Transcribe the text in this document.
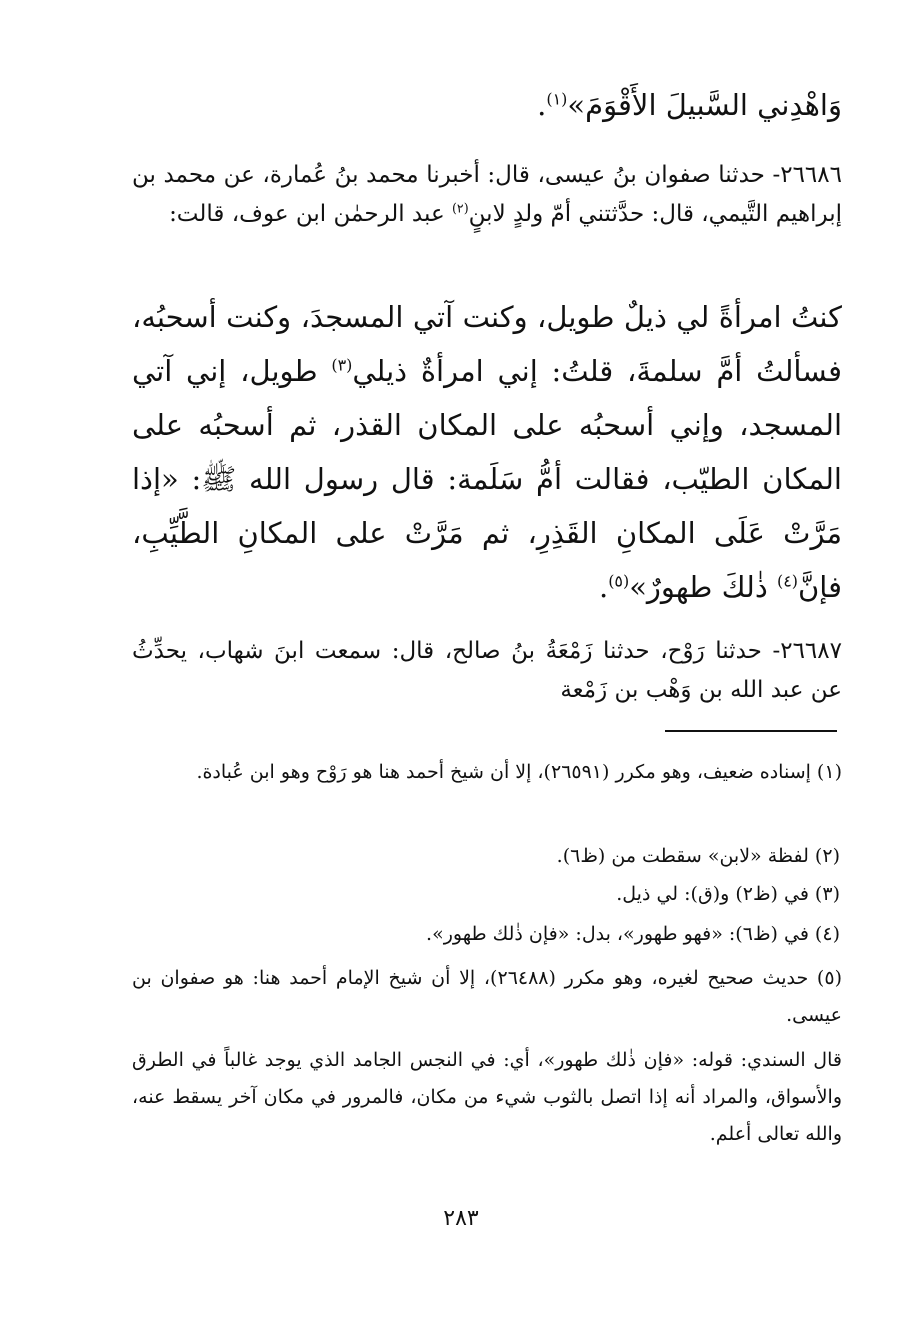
وَاهْدِني السَّبيلَ الأَقْوَمَ»$^{(١)}$.

٢٦٦٨٦- حدثنا صفوان بنُ عيسى، قال: أخبرنا محمد بنُ عُمارة، عن محمد بن إبراهيم التَّيمي، قال: حدَّثتني أمّ ولدٍ لابنٍ$^{(٢)}$ عبد الرحمٰن ابن عوف، قالت:

كنتُ امرأةً لي ذيلٌ طويل، وكنت آتي المسجدَ، وكنت أسحبُه، فسألتُ أمَّ سلمةَ، قلتُ: إني امرأةٌ ذيلي$^{(٣)}$ طويل، إني آتي المسجد، وإني أسحبُه على المكان القذر، ثم أسحبُه على المكان الطيّب، فقالت أمُّ سَلَمة: قال رسول الله ﷺ: «إذا مَرَّتْ عَلَى المكانِ القَذِرِ، ثم مَرَّتْ على المكانِ الطَّيِّبِ، فإنَّ$^{(٤)}$ ذٰلكَ طهورٌ»$^{(٥)}$.

٢٦٦٨٧- حدثنا رَوْح، حدثنا زَمْعَةُ بنُ صالح، قال: سمعت ابنَ شهاب، يحدِّثُ عن عبد الله بن وَهْب بن زَمْعة

(١) إسناده ضعيف، وهو مكرر (٢٦٥٩١)، إلا أن شيخ أحمد هنا هو رَوْح وهو ابن عُبادة.

(٢) لفظة «لابن» سقطت من (ظ٦).

(٣) في (ظ٢) و(ق): لي ذيل.

(٤) في (ظ٦): «فهو طهور»، بدل: «فإن ذٰلك طهور».

(٥) حديث صحيح لغيره، وهو مكرر (٢٦٤٨٨)، إلا أن شيخ الإمام أحمد هنا: هو صفوان بن عيسى.

قال السندي: قوله: «فإن ذٰلك طهور»، أي: في النجس الجامد الذي يوجد غالباً في الطرق والأسواق، والمراد أنه إذا اتصل بالثوب شيء من مكان، فالمرور في مكان آخر يسقط عنه، والله تعالى أعلم.

٢٨٣
